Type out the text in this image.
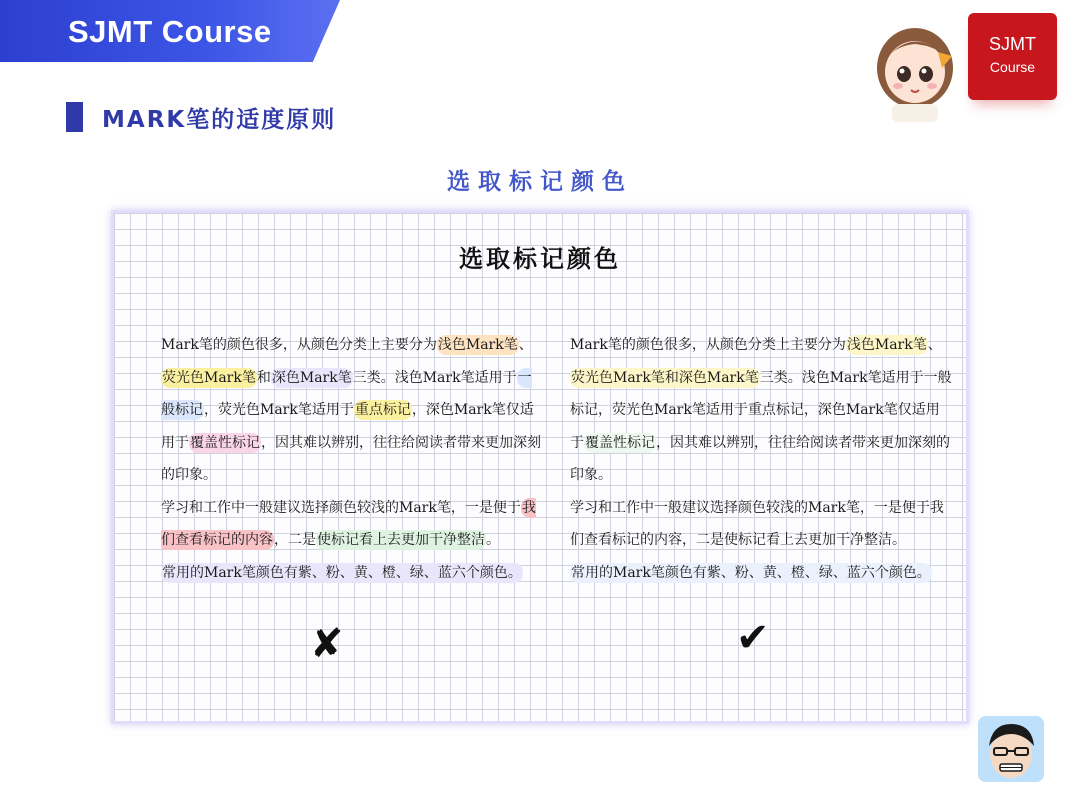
SJMT Course	SJMT
Course
MARK笔的适度原则
选取标记颜色
选取标记颜色

Mark笔的颜色很多，从颜色分类上主要分为浅色Mark笔、荧光色Mark笔和深色Mark笔三类。浅色Mark笔适用于一般标记，荧光色Mark笔适用于重点标记，深色Mark笔仅适用于覆盖性标记，因其难以辨别，往往给阅读者带来更加深刻的印象。

学习和工作中一般建议选择颜色较浅的Mark笔，一是便于我们查看标记的内容，二是使标记看上去更加干净整洁。

常用的Mark笔颜色有紫、粉、黄、橙、绿、蓝六个颜色。

Mark笔的颜色很多，从颜色分类上主要分为浅色Mark笔、荧光色Mark笔和深色Mark笔三类。浅色Mark笔适用于一般标记，荧光色Mark笔适用于重点标记，深色Mark笔仅适用于覆盖性标记，因其难以辨别，往往给阅读者带来更加深刻的印象。

学习和工作中一般建议选择颜色较浅的Mark笔，一是便于我们查看标记的内容，二是使标记看上去更加干净整洁。

常用的Mark笔颜色有紫、粉、黄、橙、绿、蓝六个颜色。

✘	✔
